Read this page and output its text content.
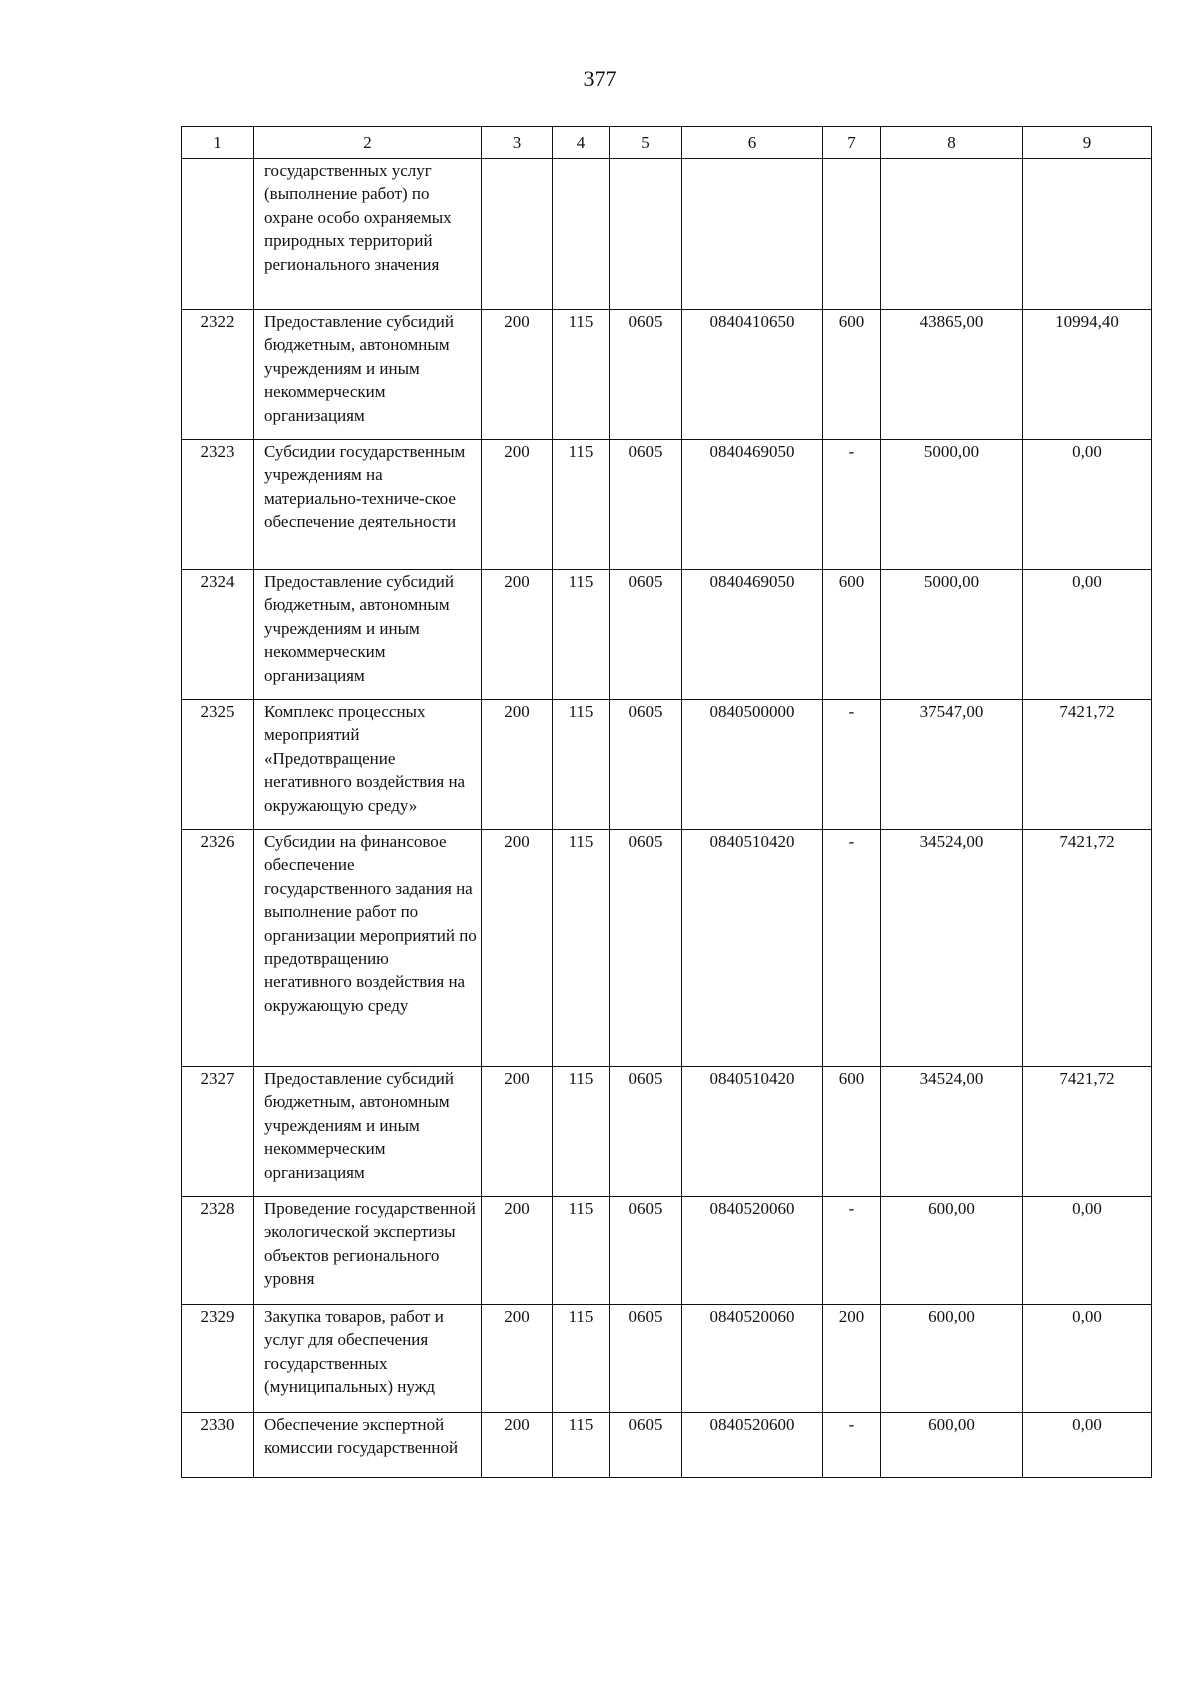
377
1	2	3	4	5	6	7	8	9
	государственных услуг (выполнение работ) по охране особо охраняемых природных территорий регионального значения							
2322	Предоставление субсидий бюджетным, автономным учреждениям и иным некоммерческим организациям	200	115	0605	0840410650	600	43865,00	10994,40
2323	Субсидии государственным учреждениям на материально-техниче-ское обеспечение деятельности	200	115	0605	0840469050	-	5000,00	0,00
2324	Предоставление субсидий бюджетным, автономным учреждениям и иным некоммерческим организациям	200	115	0605	0840469050	600	5000,00	0,00
2325	Комплекс процессных мероприятий «Предотвращение негативного воздействия на окружающую среду»	200	115	0605	0840500000	-	37547,00	7421,72
2326	Субсидии на финансовое обеспечение государственного задания на выполнение работ по организации мероприятий по предотвращению негативного воздействия на окружающую среду	200	115	0605	0840510420	-	34524,00	7421,72
2327	Предоставление субсидий бюджетным, автономным учреждениям и иным некоммерческим организациям	200	115	0605	0840510420	600	34524,00	7421,72
2328	Проведение государственной экологической экспертизы объектов регионального уровня	200	115	0605	0840520060	-	600,00	0,00
2329	Закупка товаров, работ и услуг для обеспечения государственных (муниципальных) нужд	200	115	0605	0840520060	200	600,00	0,00
2330	Обеспечение экспертной комиссии государственной	200	115	0605	0840520600	-	600,00	0,00
